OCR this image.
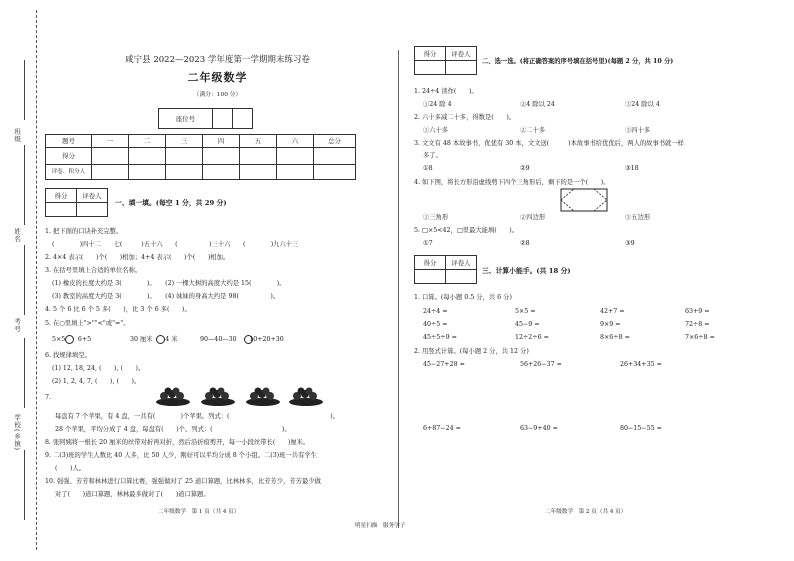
班级
姓名
考号
学校(乡镇)
咸宁县 2022—2023 学年度第一学期期末练习卷
二年级数学
（满分：100 分）
座位号		
题号	一	二	三	四	五	六	总分
得分							
评卷、积分人							
得分	评卷人

一、填一填。(每空 1 分，共 29 分)
1. 把下面的口诀补充完整。
(　　　　)四十二　　七(　　　)五十六　　(　　　　　)三十六　　(　　　　)九六十三
2. 4×4 表示(　　)个(　　)相加；4+4 表示(　　)个(　　)相加。
3. 在括号里填上合适的单位名称。
(1) 橡皮的长度大约是 3(　　　　)。　　(2) 一棵大树的高度大约是 15(　　　　)。
(3) 教室的高度大约是 3(　　　　)。　　(4) 妹妹的身高大约是 98(　　　　　)。
4. 5 个 6 比 6 个 5 多(　　)，比 3 个 6 多(　　)。
5. 在○里填上">""<"或"="。
5×5　　6+5	30 厘米　　4 米	90—40—30　　10+20+30
6. 找规律填空。
(1) 12, 18, 24, (　　), (　　)。
(2) 1, 2, 4, 7, (　　), (　　)。
7.
每盘有 7 个苹果，有 4 盘，一共有(　　　　)个苹果。列式：(　　　　　　　　　　　　　　　　)。
28 个苹果，平均分成了 4 盘，每盘有(　　)个。列式：(　　　　　　　　　　　)。
8. 张阿姨将一根长 20 厘米的丝带对折再对折，然后沿折痕剪开，每一小段丝带长(　　)厘米。
9. 二(3)班的学生人数比 40 人多，比 50 人少，刚好可以平均分成 8 个小组。二(3)班一共有学生
(　　)人。
10. 强强、芳芳和林林进行口算比赛，强强做对了 25 道口算题，比林林多，比芳芳少，芳芳最少做
对了(　　)道口算题，林林最多做对了(　　)道口算题。
二年级数学　第 1 页（共 4 页）
得分	评卷人

二、选一选。(将正确答案的序号填在括号里)(每题 2 分，共 10 分)
1. 24÷4 读作(　　)。
①24 除 4	②4 除以 24	③24 除以 4
2. 六十多减二十多，得数是(　　)。
①六十多	②二十多	③四十多
3. 文文有 48 本故事书，优优有 30 本，文文送(　　　)本故事书给优优后，两人的故事书就一样
多了。
①8	②9	③18
4. 如下图，将长方形沿虚线剪下四个三角形后，剩下的是一个(　　)。
①三角形	②四边形	③五边形
5. □×5<42，□里最大能填(　　)。
①7	②8	③9
得分	评卷人

三、计算小能手。(共 18 分)
1. 口算。(每小题 0.5 分，共 6 分)
24÷4 =	5×5 =	42+7 =	63+9 =
40÷5 =	45−9 =	9×9 =	72÷8 =
45÷5÷9 =	12÷2÷6 =	8×6÷8 =	7×6÷8 =
2. 用竖式计算。(每小题 2 分，共 12 分)
45−27+28 =	56+26−37 =	26+34+35 =
6+87−24 =	63−9+40 =	80−15−55 =
二年级数学　第 2 页（共 4 页）
明星扫描　服务学子
